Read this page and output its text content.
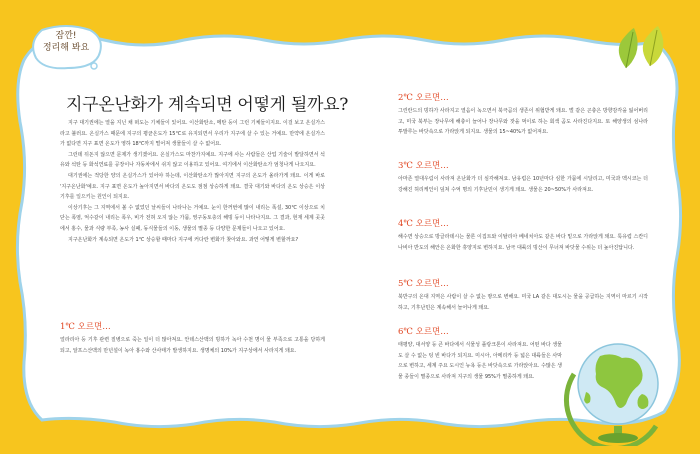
잠깐!
정리해 봐요
지구온난화가 계속되면 어떻게 될까요?

지구 대기권에는 열을 지닌 채 떠도는 기체들이 있어요. 이산화탄소, 메탄 등이 그런 기체들이지요. 이걸 보고 온실가스라고 불러요. 온실가스 때문에 지구의 평균온도가 15℃로 유지되면서 우리가 지구에 살 수 있는 거예요. 만약에 온실가스가 없다면 지구 표면 온도가 영하 18℃까지 떨어져 생물들이 살 수 없어요.

그런데 뒤돈지 않으면 문제가 생기겠어요. 온실가스도 마찬가지예요. 지구에 사는 사람들은 산업 기술이 발달하면서 석유와 석탄 등 화석연료를 공장이나 자동차에서 쉬지 않고 이용하고 있어요. 여기에서 이산화탄소가 엄청나게 나오지요.

대기권에는 적당한 양의 온실가스가 있어야 하는데, 이산화탄소가 많아지면 지구의 온도가 올라가게 돼요. 이게 바로 '지구온난화'예요. 지구 표면 온도가 높아지면서 바다의 온도도 점점 상승하게 돼요. 결국 대기와 바다의 온도 상승은 이상기후를 일으키는 원인이 되지요.

이상기후는 그 지역에서 볼 수 없었던 날씨들이 나타나는 거예요. 눈이 한꺼번에 많이 내리는 폭설, 30℃ 이상으로 치닫는 폭염, 억수같이 내리는 폭우, 비가 전혀 오지 않는 가뭄, 영구동토층의 해빙 등이 나타나지요. 그 결과, 현재 세계 곳곳에서 홍수, 물과 식량 부족, 농사 실패, 동식물들의 이동, 생물의 멸종 등 다양한 문제들이 나오고 있어요.

지구온난화가 계속되면 온도가 1℃ 상승할 때마다 지구에 커다란 변화가 찾아와요. 과연 어떻게 변할까요?

1℃ 오르면…

얼라리아 등 기후 관련 질병으로 죽는 일이 더 많아져요. 안데스산맥의 빙하가 녹아 수천 명이 물 부족으로 고통을 당하게 되고, 알프스산맥의 만년설이 녹아 홍수와 산사태가 발생하지요. 생명체의 10%가 지구상에서 사라지게 돼요.

2℃ 오르면…

그린란드의 빙하가 사라지고 열음이 녹으면서 북극곰의 생존이 위협받게 돼요. 벌 같은 곤충은 방향감각을 잃어버리고, 미국 북부는 장나무에 해충이 늘어나 장나무와 잣을 먹이로 하는 회색 곰도 사라진다지요. 또 해양생의 섬나라 투발루는 바닷속으로 가라앉게 되지요. 생물의 15~40%가 없어져요.

3℃ 오르면…

아마존 열대우림이 사라져 온난화가 더 심각해져요. 남유럽은 10년마다 심한 가뭄에 시달리고, 미국과 멕시코는 더 강해진 허리케인이 덮쳐 수억 명의 기후난민이 생기게 돼요. 생물은 20~50%가 사라져요.

4℃ 오르면…

해수면 상승으로 방글라데시는 물론 이집트와 이탈리아 베네치아도 같은 바다 밑으로 가라앉게 돼요. 툭유럽 스칸디나비아 반도의 해안은 온화한 휴양지로 변하지요. 남극 대륙의 빙산이 무너져 바닷물 수위는 더 높아진답니다.

5℃ 오르면…

북반구의 온대 지역은 사람이 살 수 없는 땅으로 변해요. 미국 LA 같은 대도시는 물을 공급하는 지역이 마르기 시작하고, 기후난민은 계속해서 늘어나게 돼요.

6℃ 오르면…

태평양, 대서양 등 큰 바다에서 식물성 플랑크톤이 사라져요. 어떤 바다 생물도 살 수 없는 텅 빈 바다가 되지요. 미시아, 아메리카 등 넓은 대륙들은 사막으로 변하고, 세계 주요 도시인 뉴욕 등은 바닷속으로 가라앉아요. 수많은 생물 종들이 멸종으로 사라져 지구의 생물 95%가 멸종하게 돼요.
